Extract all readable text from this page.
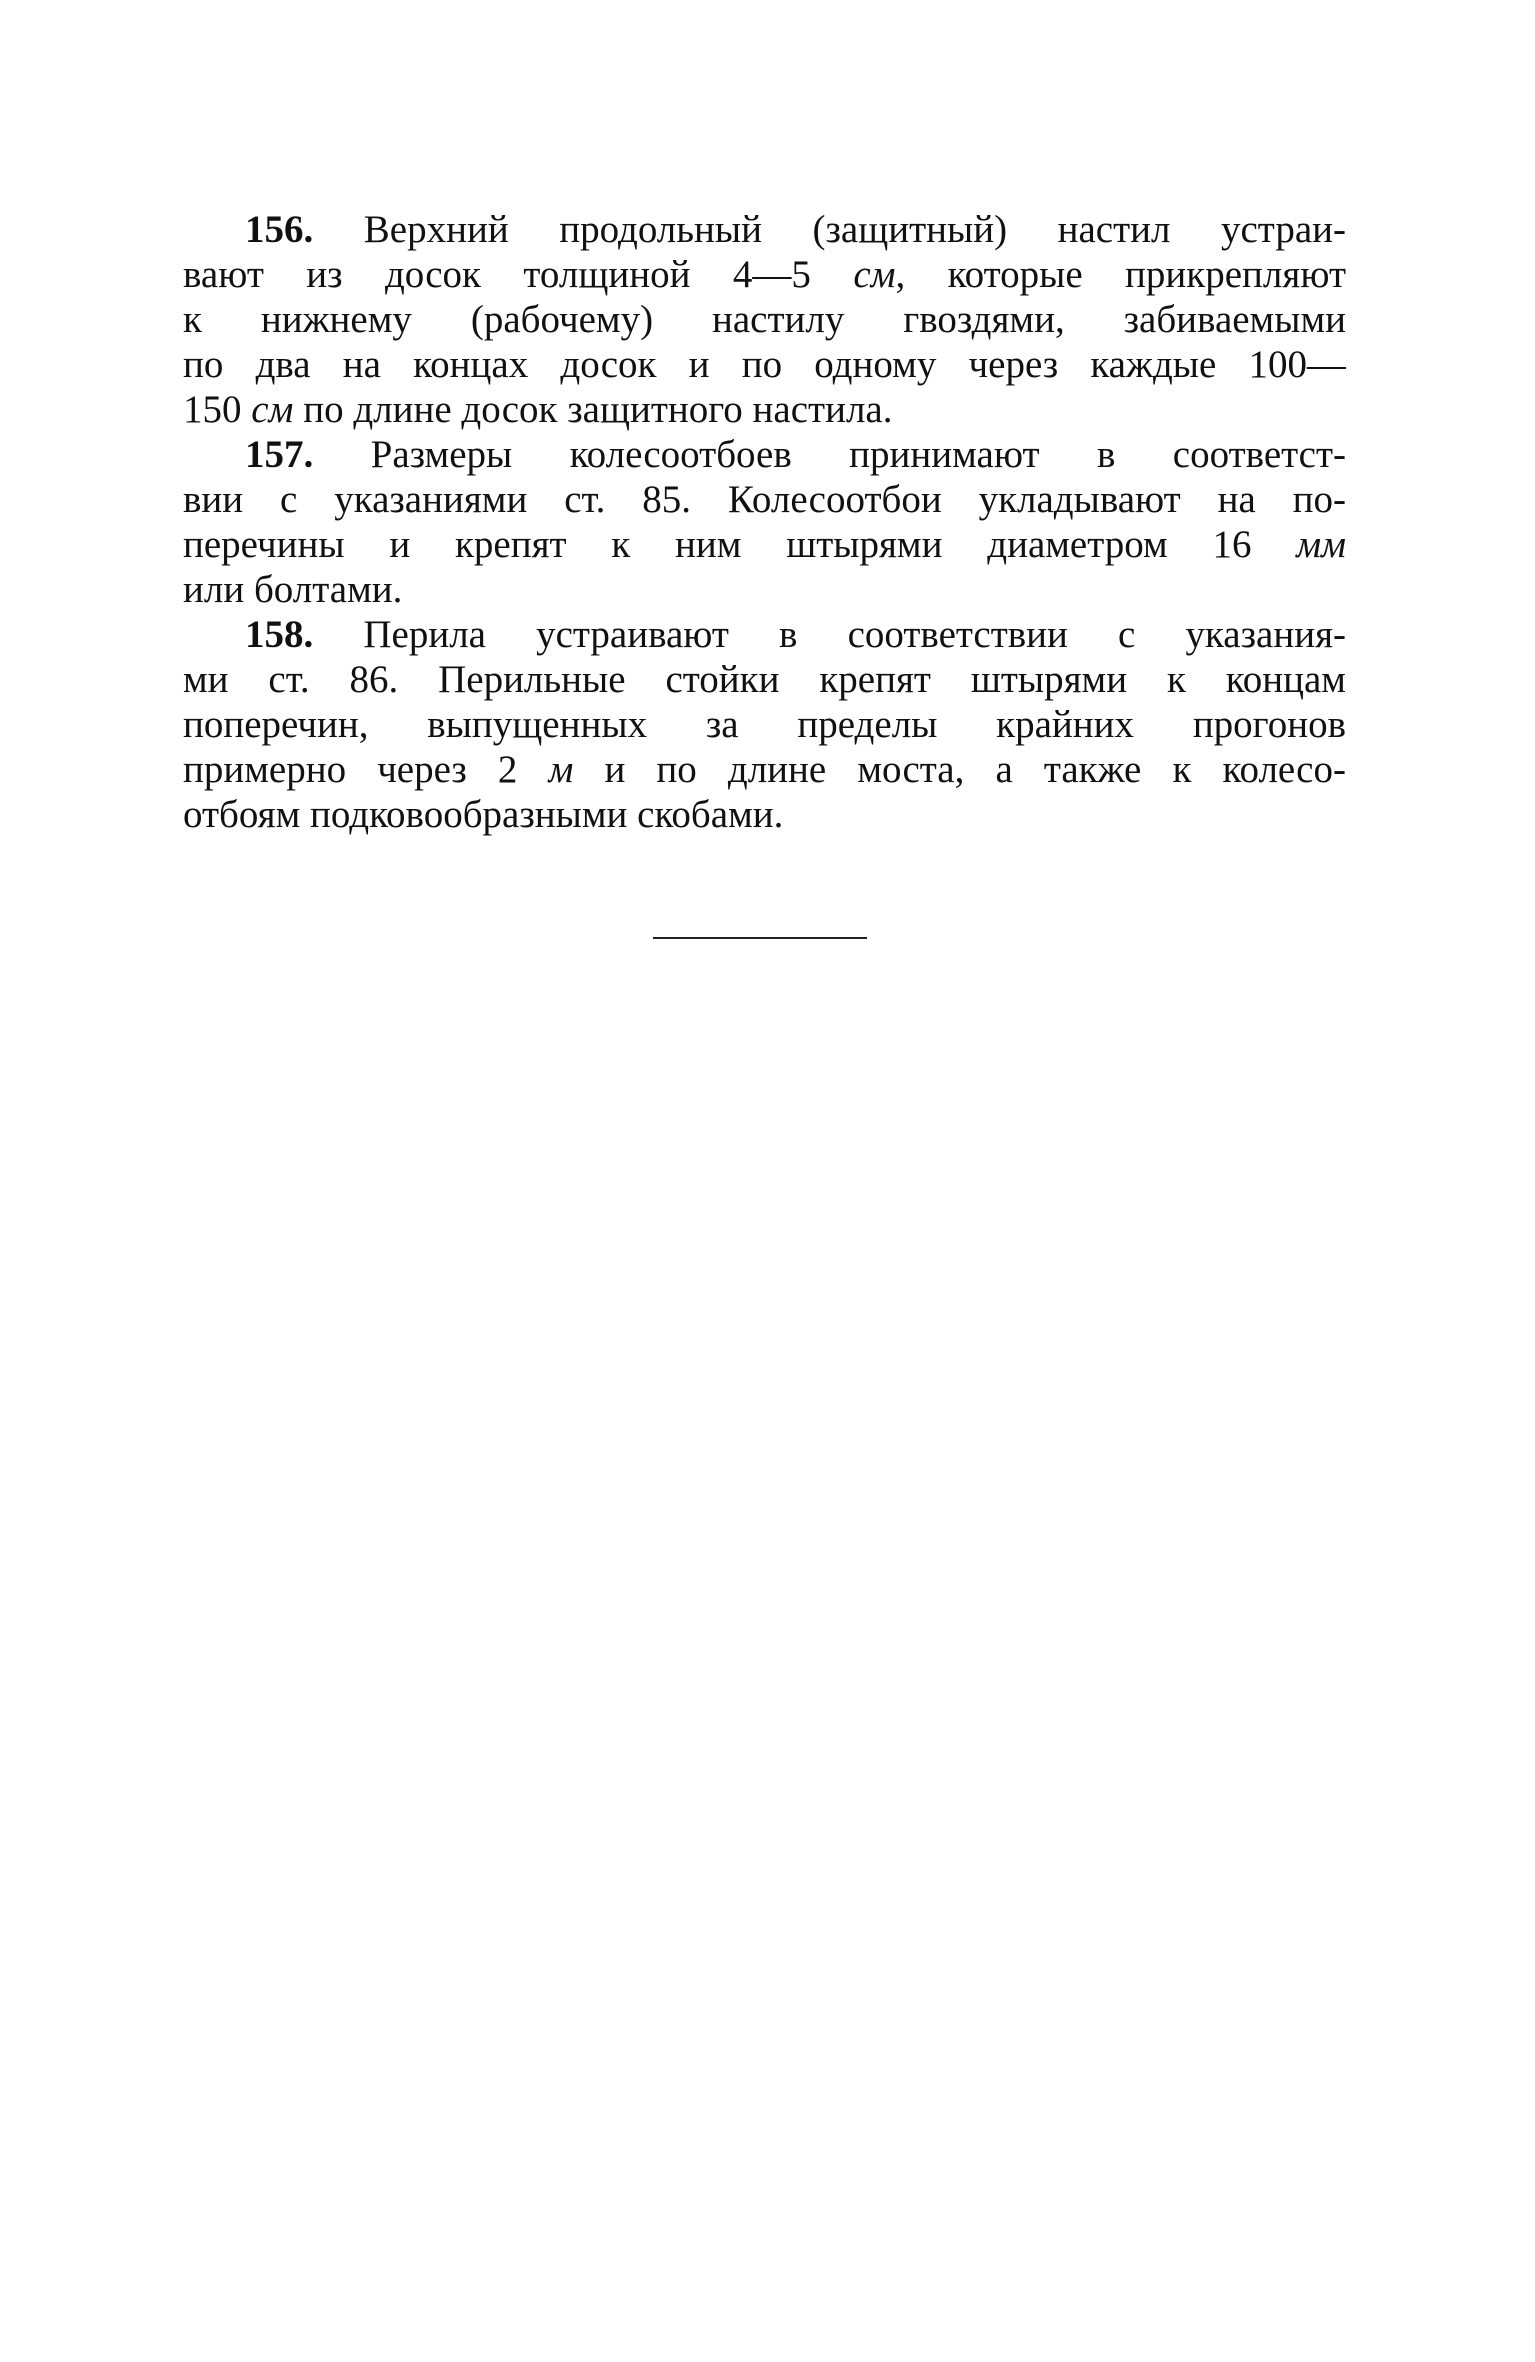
156. Верхний продольный (защитный) настил устраи-
вают из досок толщиной 4—5 см, которые прикрепляют
к нижнему (рабочему) настилу гвоздями, забиваемыми
по два на концах досок и по одному через каждые 100—
150 см по длине досок защитного настила.
157. Размеры колесоотбоев принимают в соответст-
вии с указаниями ст. 85. Колесоотбои укладывают на по-
перечины и крепят к ним штырями диаметром 16 мм
или болтами.
158. Перила устраивают в соответствии с указания-
ми ст. 86. Перильные стойки крепят штырями к концам
поперечин, выпущенных за пределы крайних прогонов
примерно через 2 м и по длине моста, а также к колесо-
отбоям подковообразными скобами.
